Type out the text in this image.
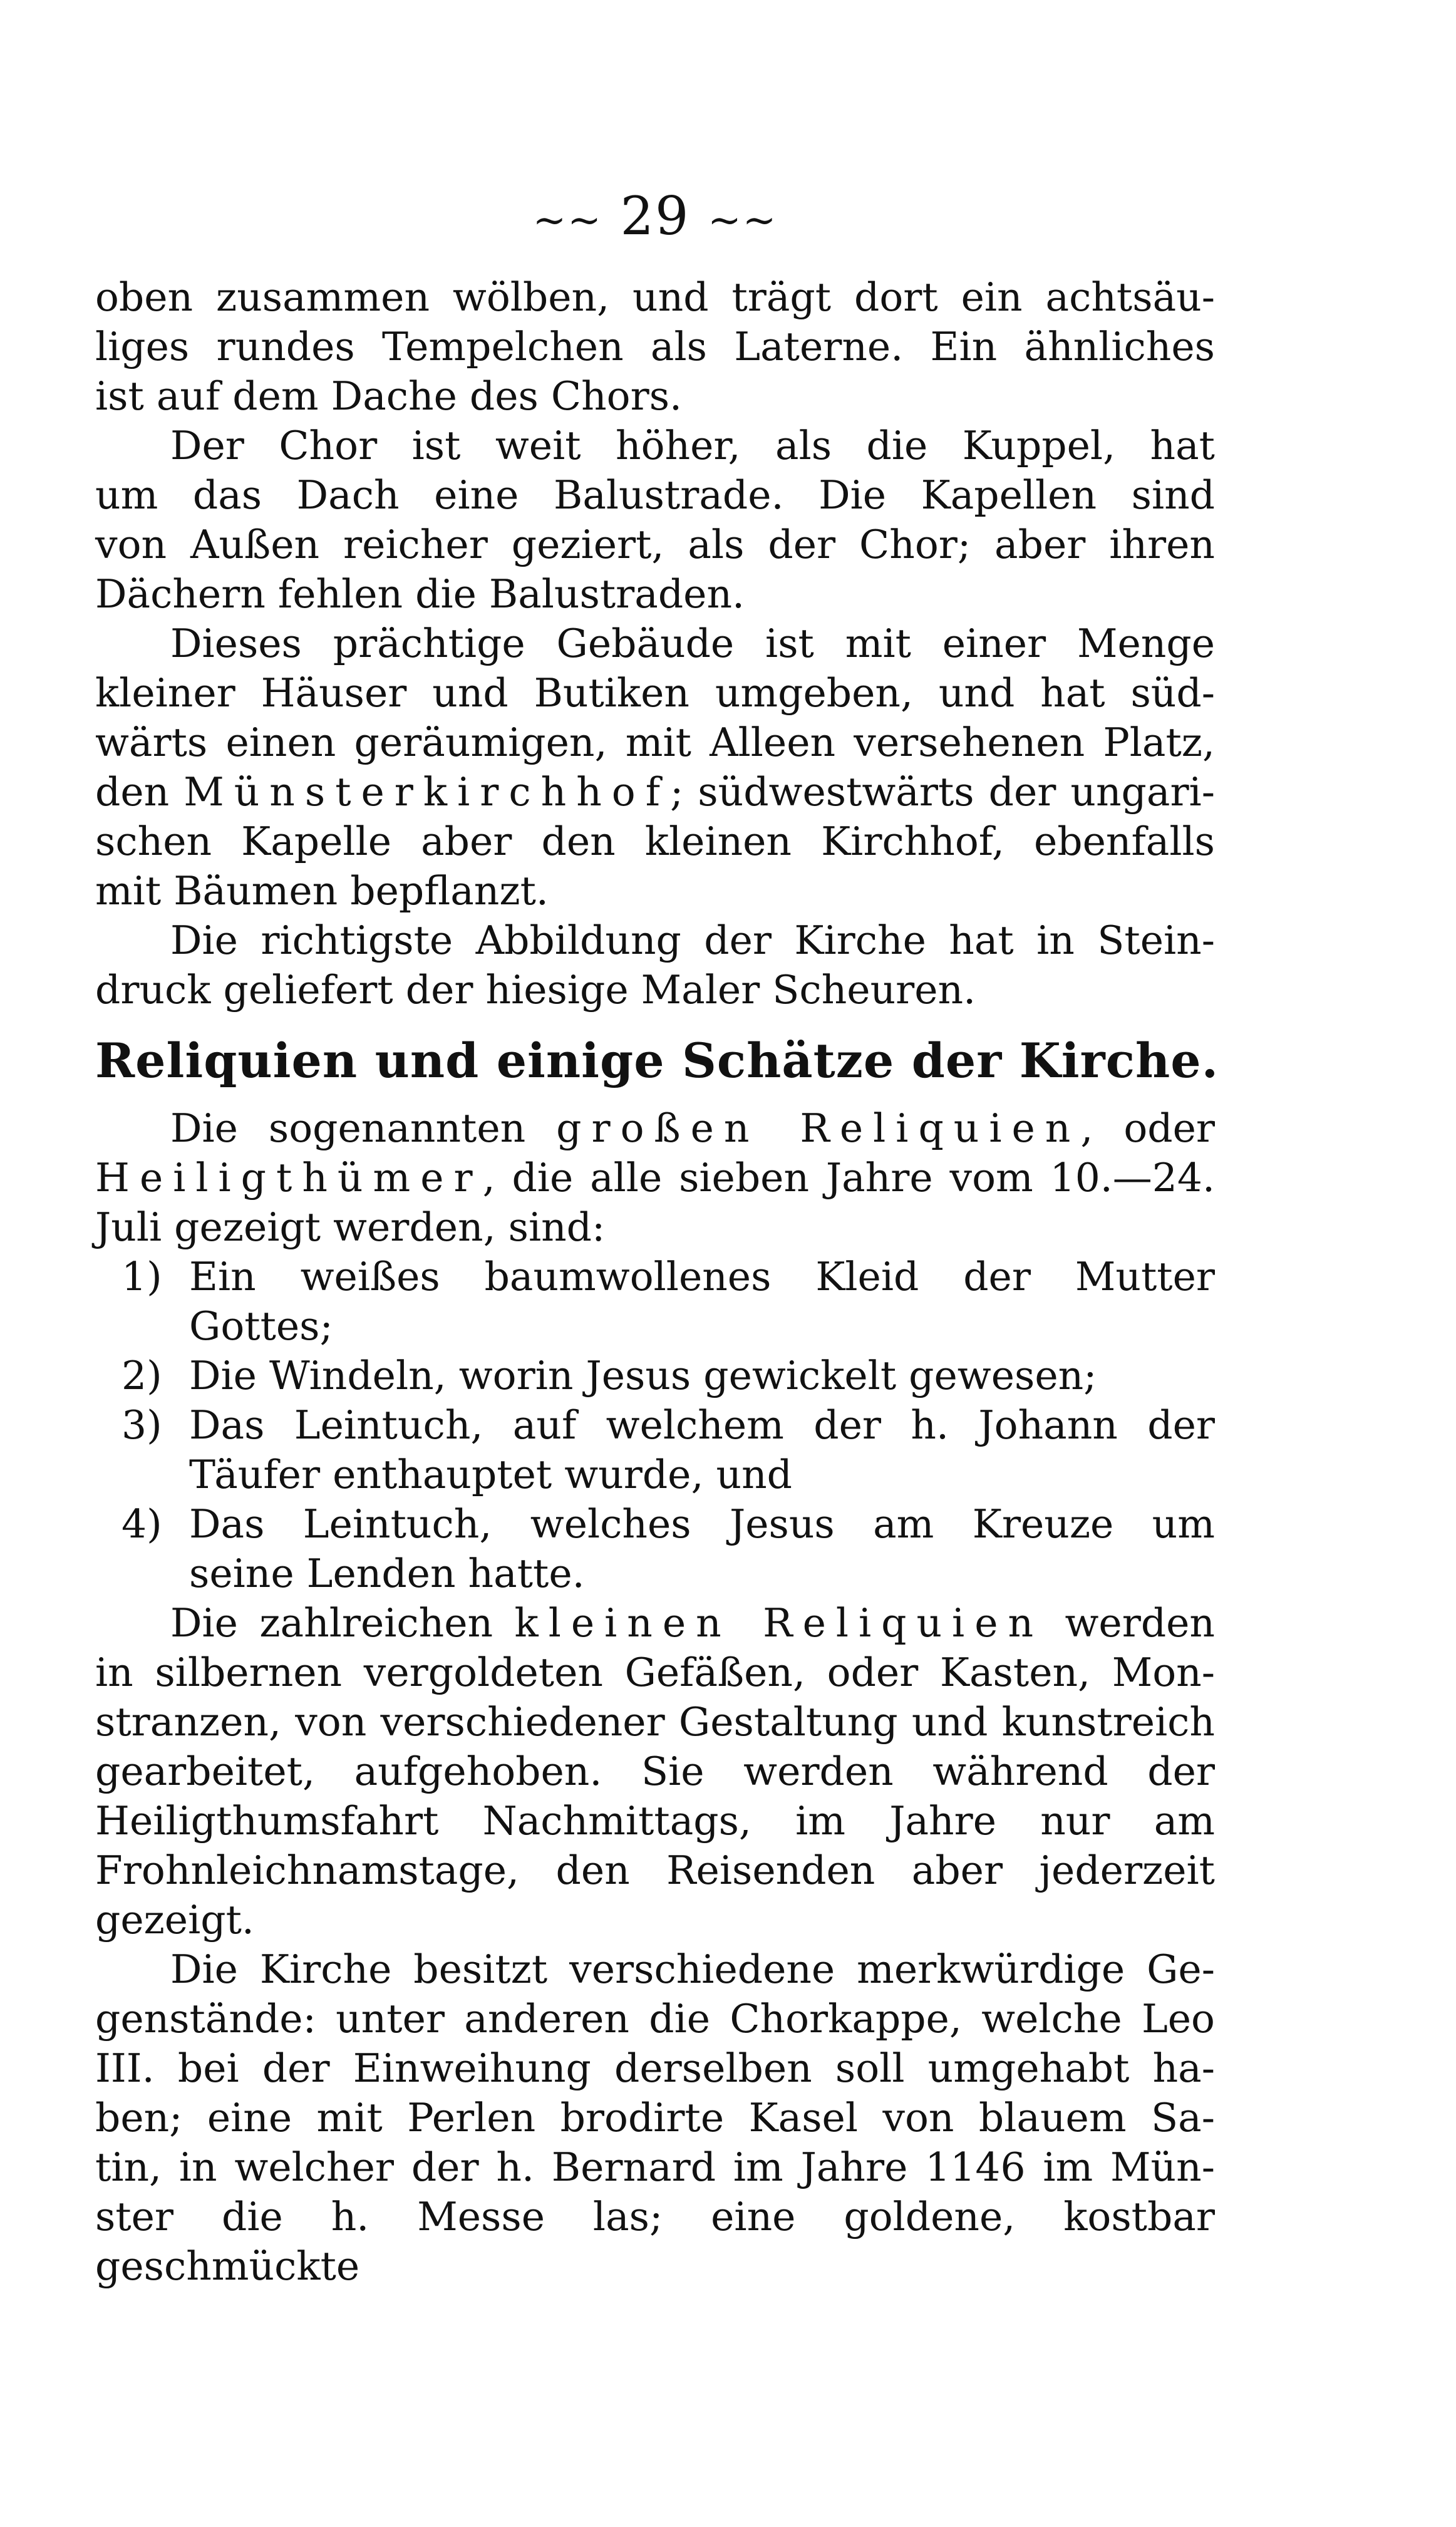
~~ 29 ~~
oben zusammen wölben, und trägt dort ein achtsäu-
liges rundes Tempelchen als Laterne. Ein ähnliches
ist auf dem Dache des Chors.
Der Chor ist weit höher, als die Kuppel, hat
um das Dach eine Balustrade. Die Kapellen sind
von Außen reicher geziert, als der Chor; aber ihren
Dächern fehlen die Balustraden.
Dieses prächtige Gebäude ist mit einer Menge
kleiner Häuser und Butiken umgeben, und hat süd-
wärts einen geräumigen, mit Alleen versehenen Platz,
den Münsterkirchhof; südwestwärts der ungari-
schen Kapelle aber den kleinen Kirchhof, ebenfalls
mit Bäumen bepflanzt.
Die richtigste Abbildung der Kirche hat in Stein-
druck geliefert der hiesige Maler Scheuren.
Reliquien und einige Schätze der Kirche.
Die sogenannten großen Reliquien, oder
Heiligthümer, die alle sieben Jahre vom 10.—24.
Juli gezeigt werden, sind:
1) Ein weißes baumwollenes Kleid der Mutter
Gottes;
2) Die Windeln, worin Jesus gewickelt gewesen;
3) Das Leintuch, auf welchem der h. Johann der
Täufer enthauptet wurde, und
4) Das Leintuch, welches Jesus am Kreuze um
seine Lenden hatte.
Die zahlreichen kleinen Reliquien werden
in silbernen vergoldeten Gefäßen, oder Kasten, Mon-
stranzen, von verschiedener Gestaltung und kunstreich
gearbeitet, aufgehoben. Sie werden während der
Heiligthumsfahrt Nachmittags, im Jahre nur am
Frohnleichnamstage, den Reisenden aber jederzeit
gezeigt.
Die Kirche besitzt verschiedene merkwürdige Ge-
genstände: unter anderen die Chorkappe, welche Leo
III. bei der Einweihung derselben soll umgehabt ha-
ben; eine mit Perlen brodirte Kasel von blauem Sa-
tin, in welcher der h. Bernard im Jahre 1146 im Mün-
ster die h. Messe las; eine goldene, kostbar geschmückte
